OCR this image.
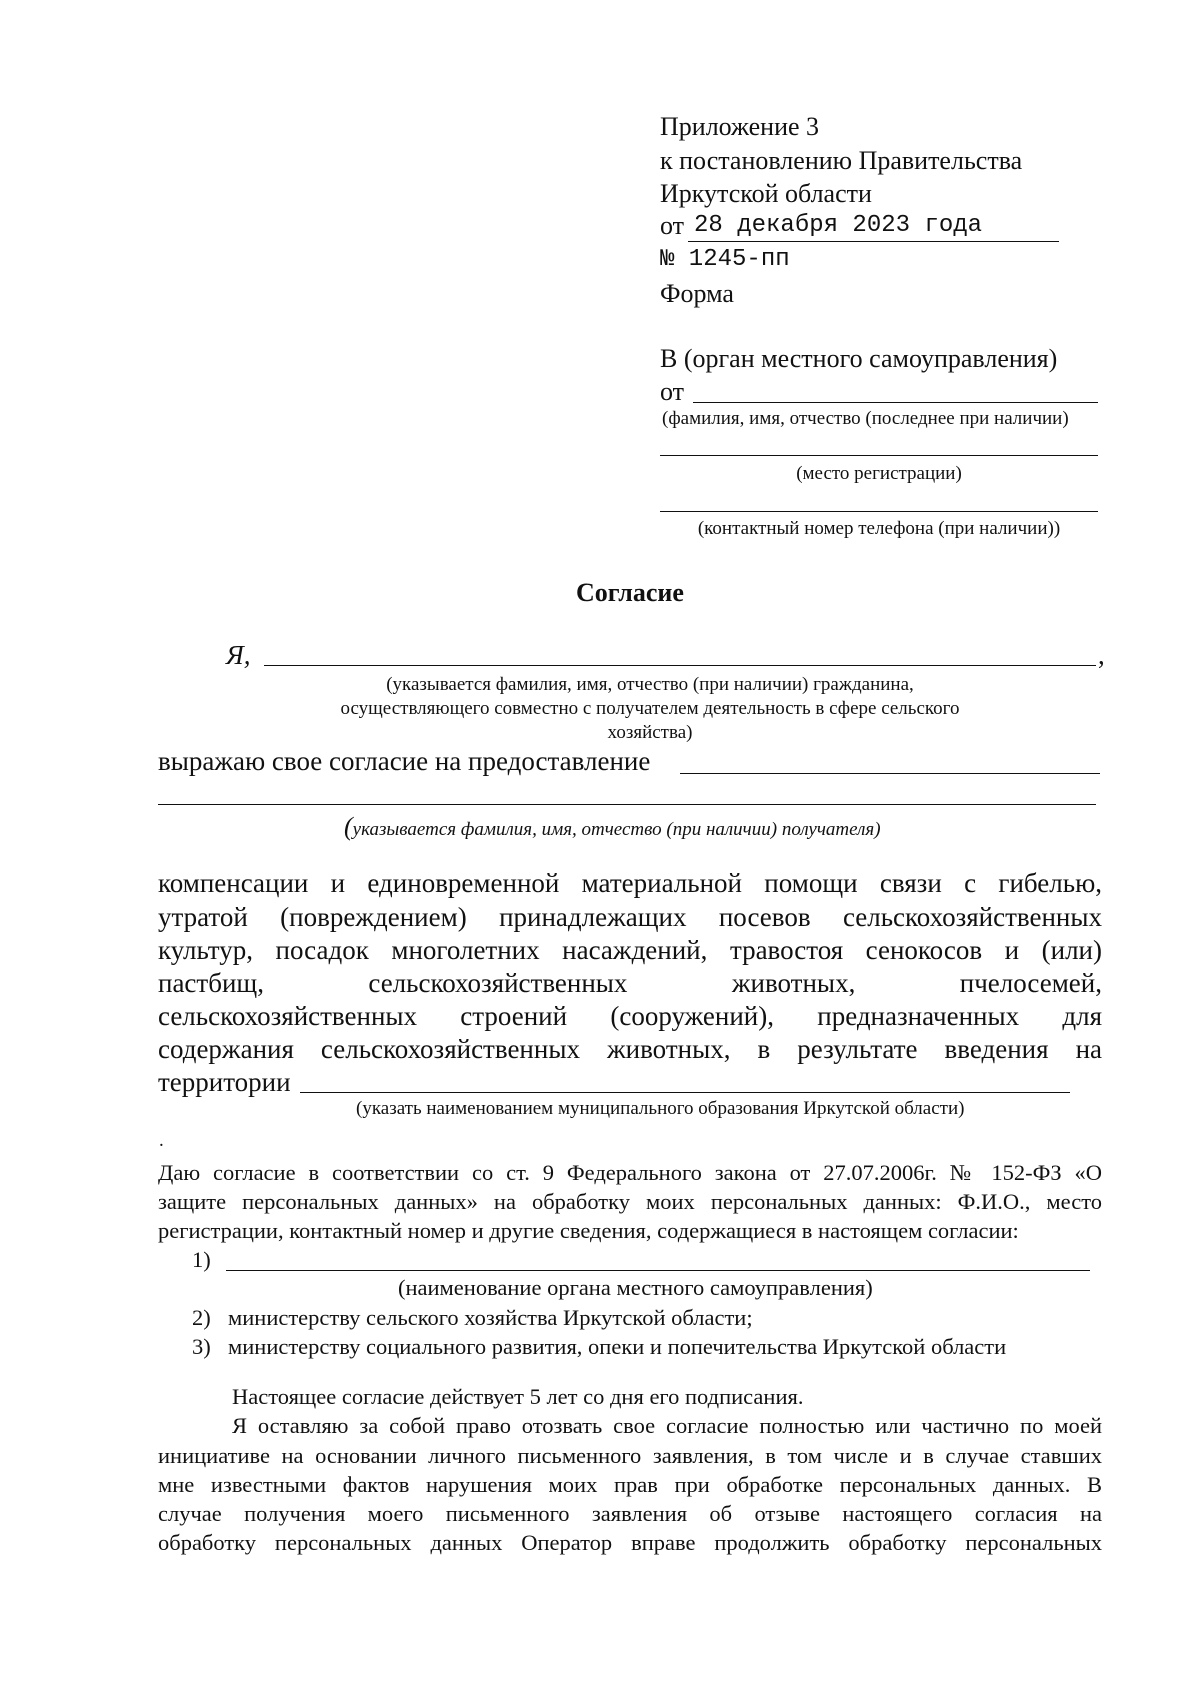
Приложение 3
к постановлению Правительства
Иркутской области
от 28 декабря 2023 года
№ 1245-пп
Форма
В (орган местного самоуправления)
от
(фамилия, имя, отчество (последнее при наличии)
(место регистрации)
(контактный номер телефона (при наличии))
Согласие
Я,	,
(указывается фамилия, имя, отчество (при наличии) гражданина,
осуществляющего совместно с получателем деятельность в сфере сельского
хозяйства)
выражаю свое согласие на предоставление
(указывается фамилия, имя, отчество (при наличии) получателя)
компенсации и единовременной материальной помощи связи с гибелью,
утратой (повреждением) принадлежащих посевов сельскохозяйственных
культур, посадок многолетних насаждений, травостоя сенокосов и (или)
пастбищ, сельскохозяйственных животных, пчелосемей,
сельскохозяйственных строений (сооружений), предназначенных для
содержания сельскохозяйственных животных, в результате введения на
территории
(указать наименованием муниципального образования Иркутской области)
.
Даю согласие в соответствии со ст. 9 Федерального закона от 27.07.2006г. № 152-ФЗ «О
защите персональных данных» на обработку моих персональных данных: Ф.И.О., место
регистрации, контактный номер и другие сведения, содержащиеся в настоящем согласии:
1)
(наименование органа местного самоуправления)
2) министерству сельского хозяйства Иркутской области;
3) министерству социального развития, опеки и попечительства Иркутской области
Настоящее согласие действует 5 лет со дня его подписания.
Я оставляю за собой право отозвать свое согласие полностью или частично по моей
инициативе на основании личного письменного заявления, в том числе и в случае ставших
мне известными фактов нарушения моих прав при обработке персональных данных. В
случае получения моего письменного заявления об отзыве настоящего согласия на
обработку персональных данных Оператор вправе продолжить обработку персональных
